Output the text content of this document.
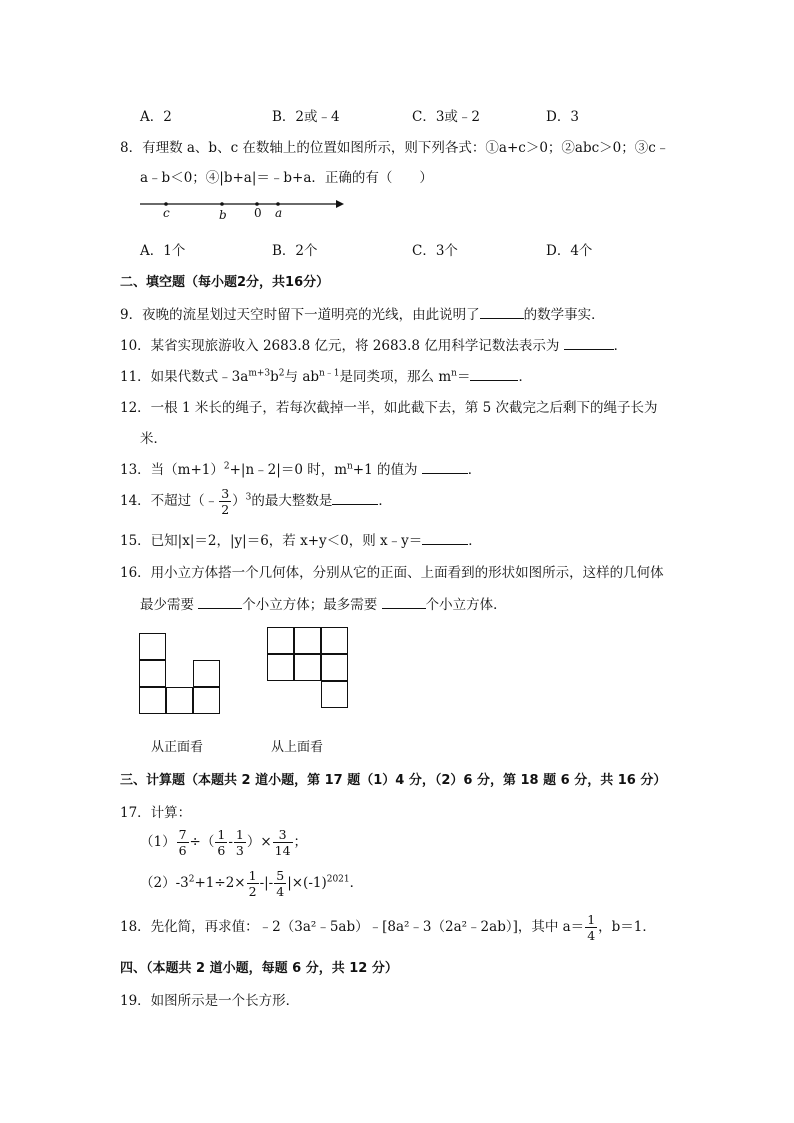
A．2	B．2或﹣4	C．3或﹣2	D．3
8．有理数 a、b、c 在数轴上的位置如图所示，则下列各式：①a+c＞0；②abc＞0；③c﹣
a﹣b＜0；④|b+a|＝﹣b+a．正确的有（　　）
c	b 0 a
A．1个	B．2个	C．3个	D．4个
二、填空题（每小题2分，共16分）
9．夜晚的流星划过天空时留下一道明亮的光线，由此说明了	的数学事实．
10．某省实现旅游收入 2683.8 亿元，将 2683.8 亿用科学记数法表示为	．
11．如果代数式$﹣3a^{m+3}b^2$与 $ab^{n﹣1}$是同类项，那么 $m^n=$	．
12．一根 1 米长的绳子，若每次截掉一半，如此截下去，第 5 次截完之后剩下的绳子长为
米．
13．当$(m+1)^2+|n﹣2|=0$ 时，$m^n+1$ 的值为	．
14．不超过（﹣ $\frac{3}{2} )^3$的最大整数是	．
15．已知|x|＝2，|y|＝6，若 x+y＜0，则 x﹣y＝	．
16．用小立方体搭一个几何体，分别从它的正面、上面看到的形状如图所示，这样的几何体
最少需要	个小立方体；最多需要	个小立方体．
从正面看	从上面看
三、计算题（本题共 2 道小题，第 17 题（1）4 分，（2）6 分，第 18 题 6 分，共 16 分）
17．计算：
$(1) \frac{7}{6}$ ÷（ $\frac{1}{6} - \frac{1}{3}$ ）× $\frac{3}{14}$ ；
$(2)-3^2+1\div 2\times \frac{1}{2}$ -|- $\frac{5}{4} |\times(-1)^{2021}$．
18．先化简，再求值：﹣2（3a²﹣5ab）﹣[8a²﹣3（2a²﹣2ab）]，其中 $a= \frac{1}{4}$ ，b＝1．
四、（本题共 2 道小题，每题 6 分，共 12 分）
19．如图所示是一个长方形．
